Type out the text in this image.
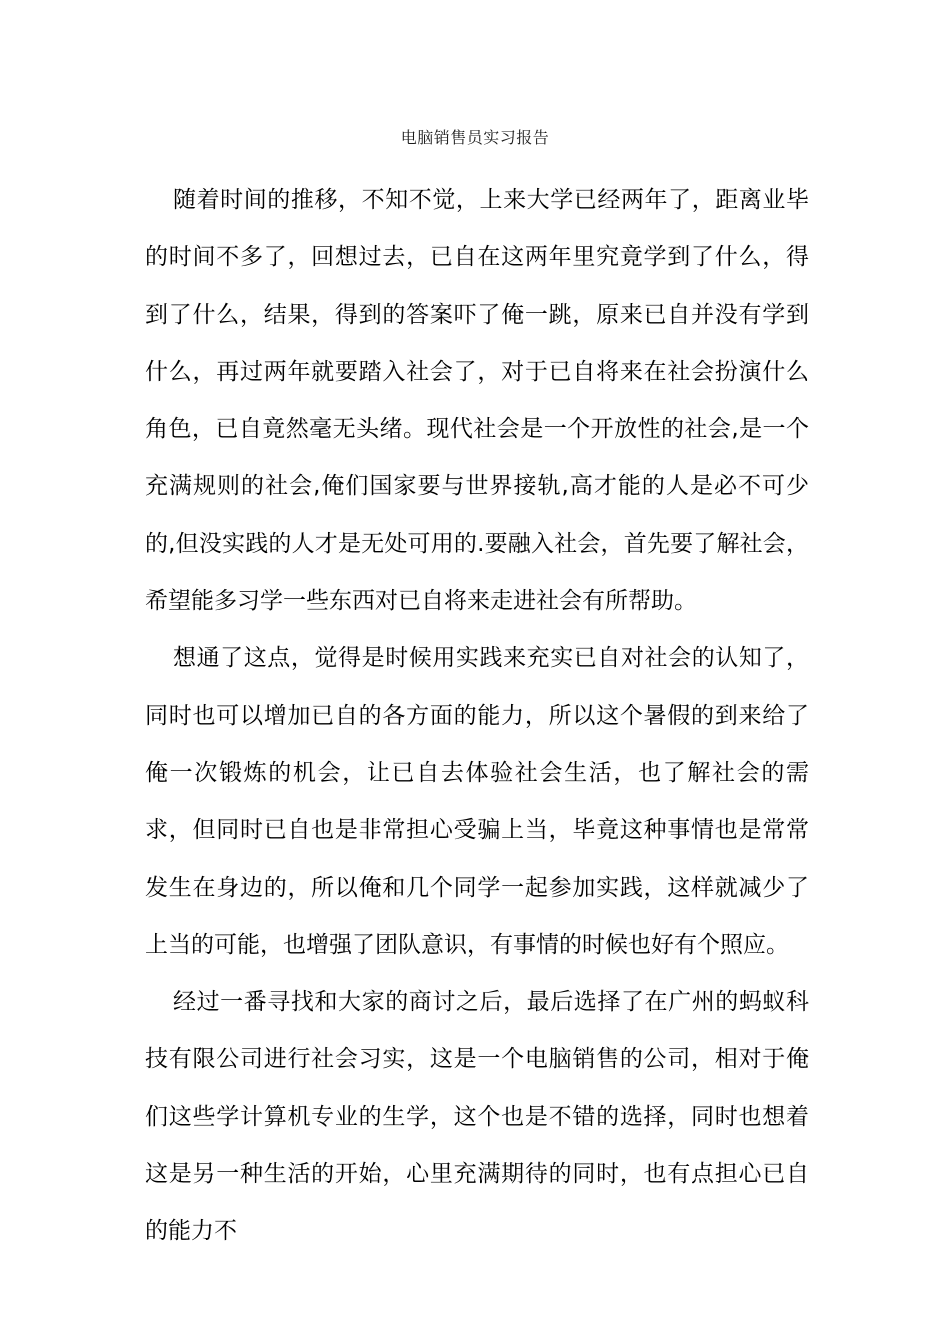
电脑销售员实习报告

随着时间的推移，不知不觉，上来大学已经两年了，距离业毕的时间不多了，回想过去，已自在这两年里究竟学到了什么，得到了什么，结果，得到的答案吓了俺一跳，原来已自并没有学到什么，再过两年就要踏入社会了，对于已自将来在社会扮演什么角色，已自竟然毫无头绪。现代社会是一个开放性的社会,是一个充满规则的社会,俺们国家要与世界接轨,高才能的人是必不可少的,但没实践的人才是无处可用的.要融入社会，首先要了解社会，希望能多习学一些东西对已自将来走进社会有所帮助。

想通了这点，觉得是时候用实践来充实已自对社会的认知了，同时也可以增加已自的各方面的能力，所以这个暑假的到来给了俺一次锻炼的机会，让已自去体验社会生活，也了解社会的需求，但同时已自也是非常担心受骗上当，毕竟这种事情也是常常发生在身边的，所以俺和几个同学一起参加实践，这样就减少了上当的可能，也增强了团队意识，有事情的时候也好有个照应。

经过一番寻找和大家的商讨之后，最后选择了在广州的蚂蚁科技有限公司进行社会习实，这是一个电脑销售的公司，相对于俺们这些学计算机专业的生学，这个也是不错的选择，同时也想着这是另一种生活的开始，心里充满期待的同时，也有点担心已自的能力不
